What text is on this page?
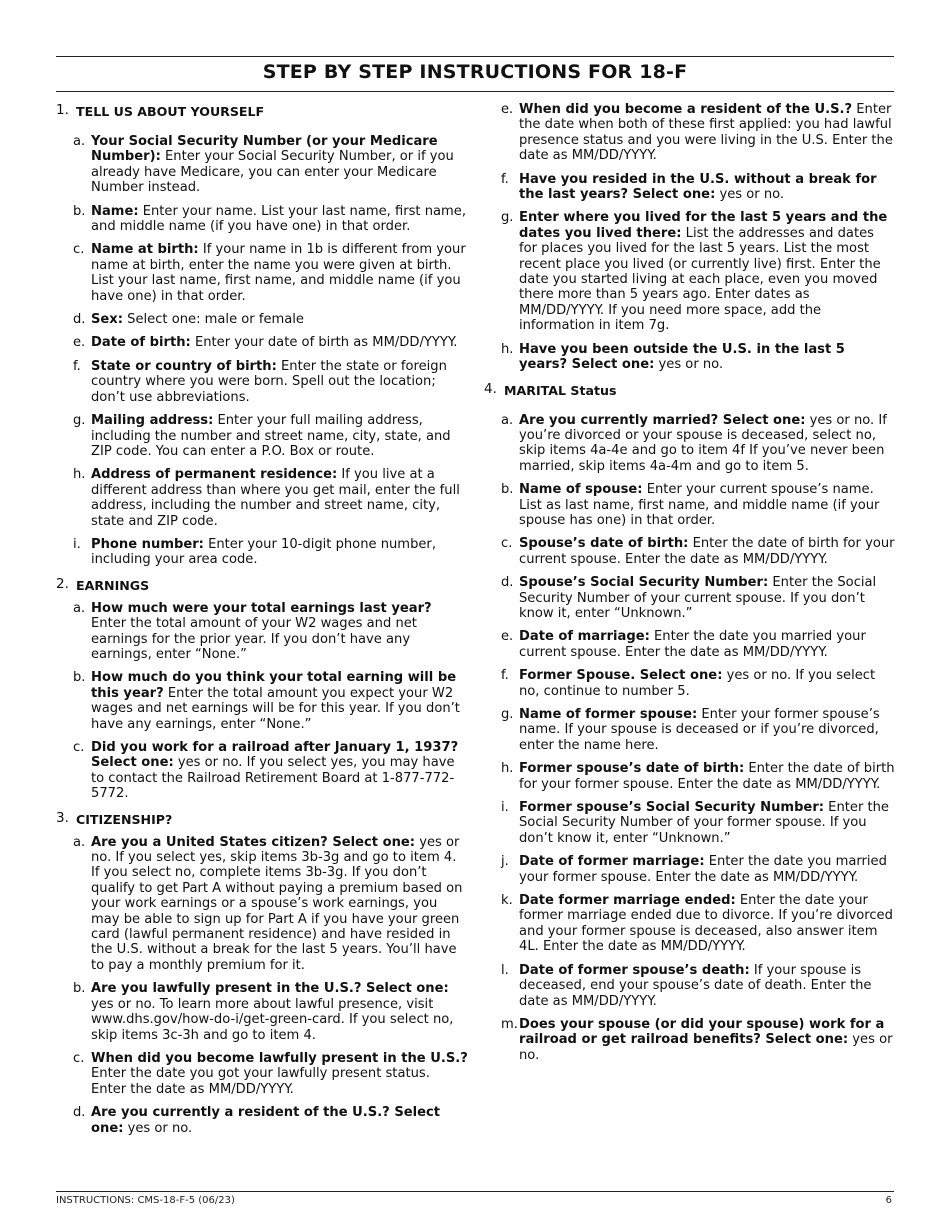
STEP BY STEP INSTRUCTIONS FOR 18-F
1. TELL US ABOUT YOURSELF
a. Your Social Security Number (or your Medicare Number): Enter your Social Security Number, or if you already have Medicare, you can enter your Medicare Number instead.
b. Name: Enter your name. List your last name, first name, and middle name (if you have one) in that order.
c. Name at birth: If your name in 1b is different from your name at birth, enter the name you were given at birth. List your last name, first name, and middle name (if you have one) in that order.
d. Sex: Select one: male or female
e. Date of birth: Enter your date of birth as MM/DD/YYYY.
f. State or country of birth: Enter the state or foreign country where you were born. Spell out the location; don’t use abbreviations.
g. Mailing address: Enter your full mailing address, including the number and street name, city, state, and ZIP code. You can enter a P.O. Box or route.
h. Address of permanent residence: If you live at a different address than where you get mail, enter the full address, including the number and street name, city, state and ZIP code.
i. Phone number: Enter your 10-digit phone number, including your area code.
2. EARNINGS
a. How much were your total earnings last year? Enter the total amount of your W2 wages and net earnings for the prior year. If you don’t have any earnings, enter “None.”
b. How much do you think your total earning will be this year? Enter the total amount you expect your W2 wages and net earnings will be for this year. If you don’t have any earnings, enter “None.”
c. Did you work for a railroad after January 1, 1937? Select one: yes or no. If you select yes, you may have to contact the Railroad Retirement Board at 1-877-772-5772.
3. CITIZENSHIP?
a. Are you a United States citizen? Select one: yes or no. If you select yes, skip items 3b-3g and go to item 4. If you select no, complete items 3b-3g. If you don’t qualify to get Part A without paying a premium based on your work earnings or a spouse’s work earnings, you may be able to sign up for Part A if you have your green card (lawful permanent residence) and have resided in the U.S. without a break for the last 5 years. You’ll have to pay a monthly premium for it.
b. Are you lawfully present in the U.S.? Select one: yes or no. To learn more about lawful presence, visit www.dhs.gov/how-do-i/get-green-card. If you select no, skip items 3c-3h and go to item 4.
c. When did you become lawfully present in the U.S.? Enter the date you got your lawfully present status. Enter the date as MM/DD/YYYY.
d. Are you currently a resident of the U.S.? Select one: yes or no.
e. When did you become a resident of the U.S.? Enter the date when both of these first applied: you had lawful presence status and you were living in the U.S. Enter the date as MM/DD/YYYY.
f. Have you resided in the U.S. without a break for the last years? Select one: yes or no.
g. Enter where you lived for the last 5 years and the dates you lived there: List the addresses and dates for places you lived for the last 5 years. List the most recent place you lived (or currently live) first. Enter the date you started living at each place, even you moved there more than 5 years ago. Enter dates as MM/DD/YYYY. If you need more space, add the information in item 7g.
h. Have you been outside the U.S. in the last 5 years? Select one: yes or no.
4. MARITAL Status
a. Are you currently married? Select one: yes or no. If you’re divorced or your spouse is deceased, select no, skip items 4a-4e and go to item 4f If you’ve never been married, skip items 4a-4m and go to item 5.
b. Name of spouse: Enter your current spouse’s name. List as last name, first name, and middle name (if your spouse has one) in that order.
c. Spouse’s date of birth: Enter the date of birth for your current spouse. Enter the date as MM/DD/YYYY.
d. Spouse’s Social Security Number: Enter the Social Security Number of your current spouse. If you don’t know it, enter “Unknown.”
e. Date of marriage: Enter the date you married your current spouse. Enter the date as MM/DD/YYYY.
f. Former Spouse. Select one: yes or no. If you select no, continue to number 5.
g. Name of former spouse: Enter your former spouse’s name. If your spouse is deceased or if you’re divorced, enter the name here.
h. Former spouse’s date of birth: Enter the date of birth for your former spouse. Enter the date as MM/DD/YYYY.
i. Former spouse’s Social Security Number: Enter the Social Security Number of your former spouse. If you don’t know it, enter “Unknown.”
j. Date of former marriage: Enter the date you married your former spouse. Enter the date as MM/DD/YYYY.
k. Date former marriage ended: Enter the date your former marriage ended due to divorce. If you’re divorced and your former spouse is deceased, also answer item 4L. Enter the date as MM/DD/YYYY.
l. Date of former spouse’s death: If your spouse is deceased, end your spouse’s date of death. Enter the date as MM/DD/YYYY.
m. Does your spouse (or did your spouse) work for a railroad or get railroad benefits? Select one: yes or no.
INSTRUCTIONS: CMS-18-F-5 (06/23)	6
